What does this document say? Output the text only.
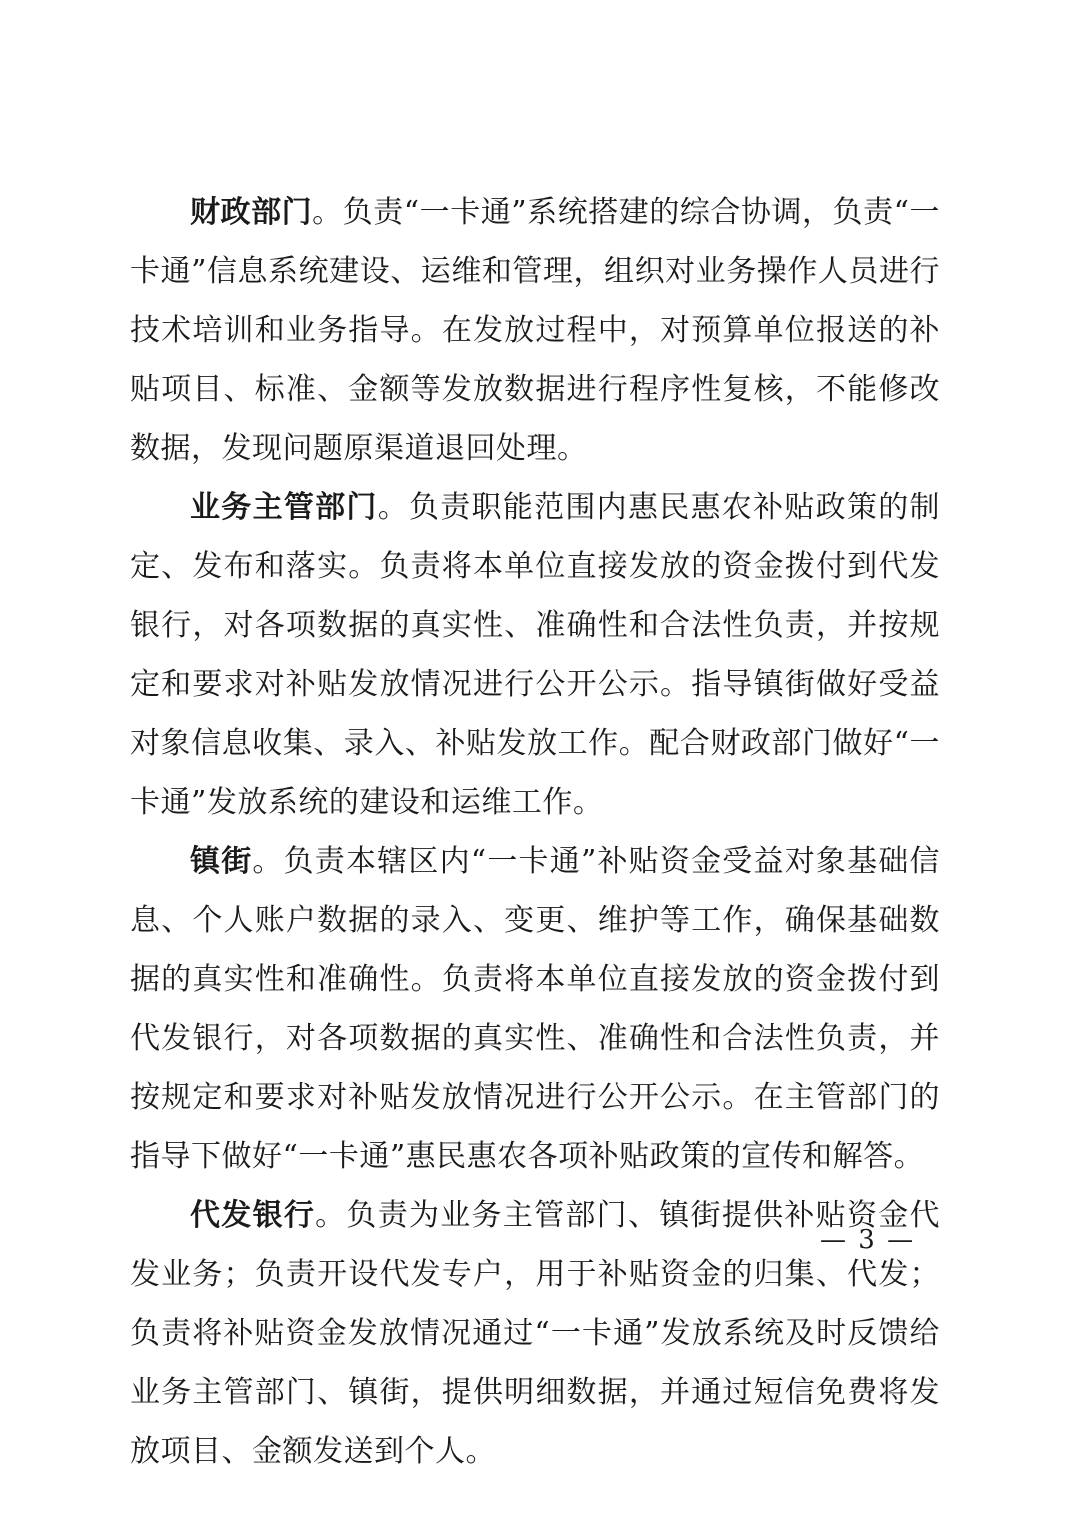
财政部门。负责“一卡通”系统搭建的综合协调，负责“一卡通”信息系统建设、运维和管理，组织对业务操作人员进行技术培训和业务指导。在发放过程中，对预算单位报送的补贴项目、标准、金额等发放数据进行程序性复核，不能修改数据，发现问题原渠道退回处理。

业务主管部门。负责职能范围内惠民惠农补贴政策的制定、发布和落实。负责将本单位直接发放的资金拨付到代发银行，对各项数据的真实性、准确性和合法性负责，并按规定和要求对补贴发放情况进行公开公示。指导镇街做好受益对象信息收集、录入、补贴发放工作。配合财政部门做好“一卡通”发放系统的建设和运维工作。

镇街。负责本辖区内“一卡通”补贴资金受益对象基础信息、个人账户数据的录入、变更、维护等工作，确保基础数据的真实性和准确性。负责将本单位直接发放的资金拨付到代发银行，对各项数据的真实性、准确性和合法性负责，并按规定和要求对补贴发放情况进行公开公示。在主管部门的指导下做好“一卡通”惠民惠农各项补贴政策的宣传和解答。

代发银行。负责为业务主管部门、镇街提供补贴资金代发业务；负责开设代发专户，用于补贴资金的归集、代发；负责将补贴资金发放情况通过“一卡通”发放系统及时反馈给业务主管部门、镇街，提供明细数据，并通过短信免费将发放项目、金额发送到个人。

— 3 —
